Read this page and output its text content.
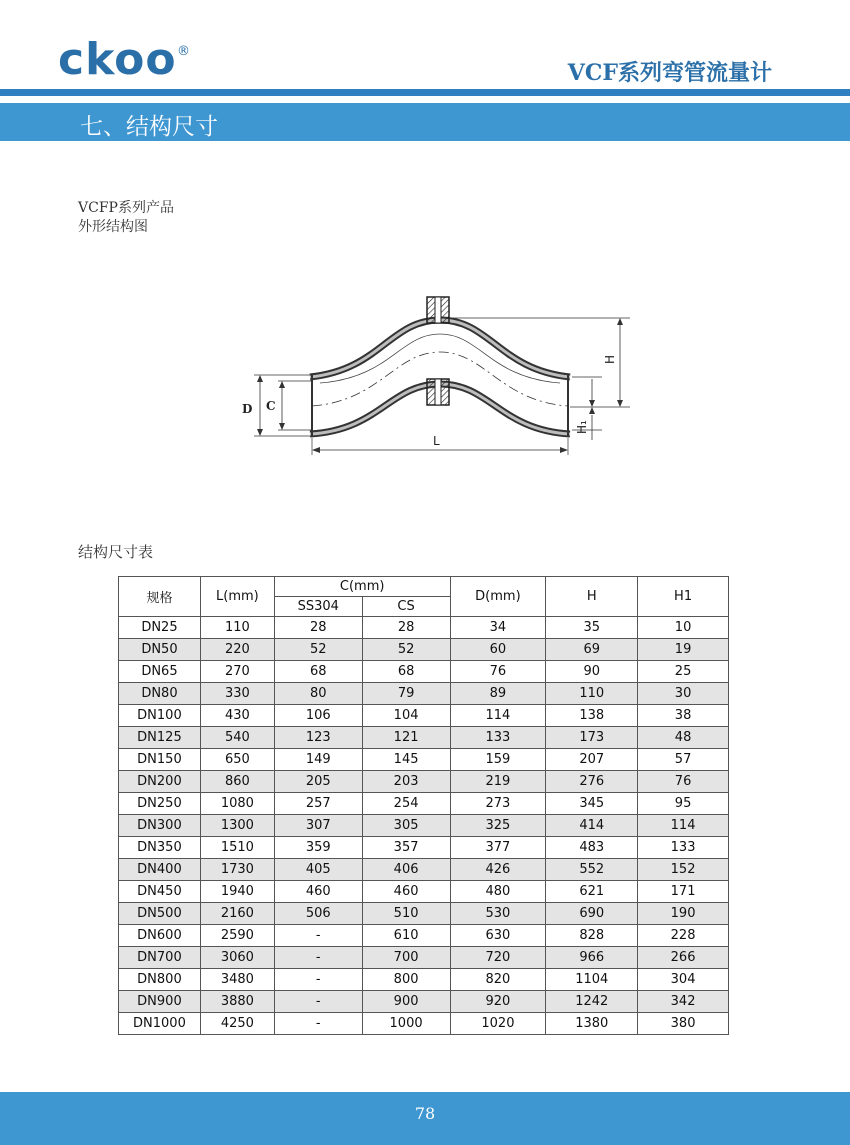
ckoo ®
VCF系列弯管流量计
七、结构尺寸
VCFP系列产品
外形结构图
D C
L
H
H₁
结构尺寸表
规格	L(mm)	C(mm)		D(mm)	H	H1
		SS304	CS			
DN25	110	28	28	34	35	10
DN50	220	52	52	60	69	19
DN65	270	68	68	76	90	25
DN80	330	80	79	89	110	30
DN100	430	106	104	114	138	38
DN125	540	123	121	133	173	48
DN150	650	149	145	159	207	57
DN200	860	205	203	219	276	76
DN250	1080	257	254	273	345	95
DN300	1300	307	305	325	414	114
DN350	1510	359	357	377	483	133
DN400	1730	405	406	426	552	152
DN450	1940	460	460	480	621	171
DN500	2160	506	510	530	690	190
DN600	2590	-	610	630	828	228
DN700	3060	-	700	720	966	266
DN800	3480	-	800	820	1104	304
DN900	3880	-	900	920	1242	342
DN1000	4250	-	1000	1020	1380	380
78
